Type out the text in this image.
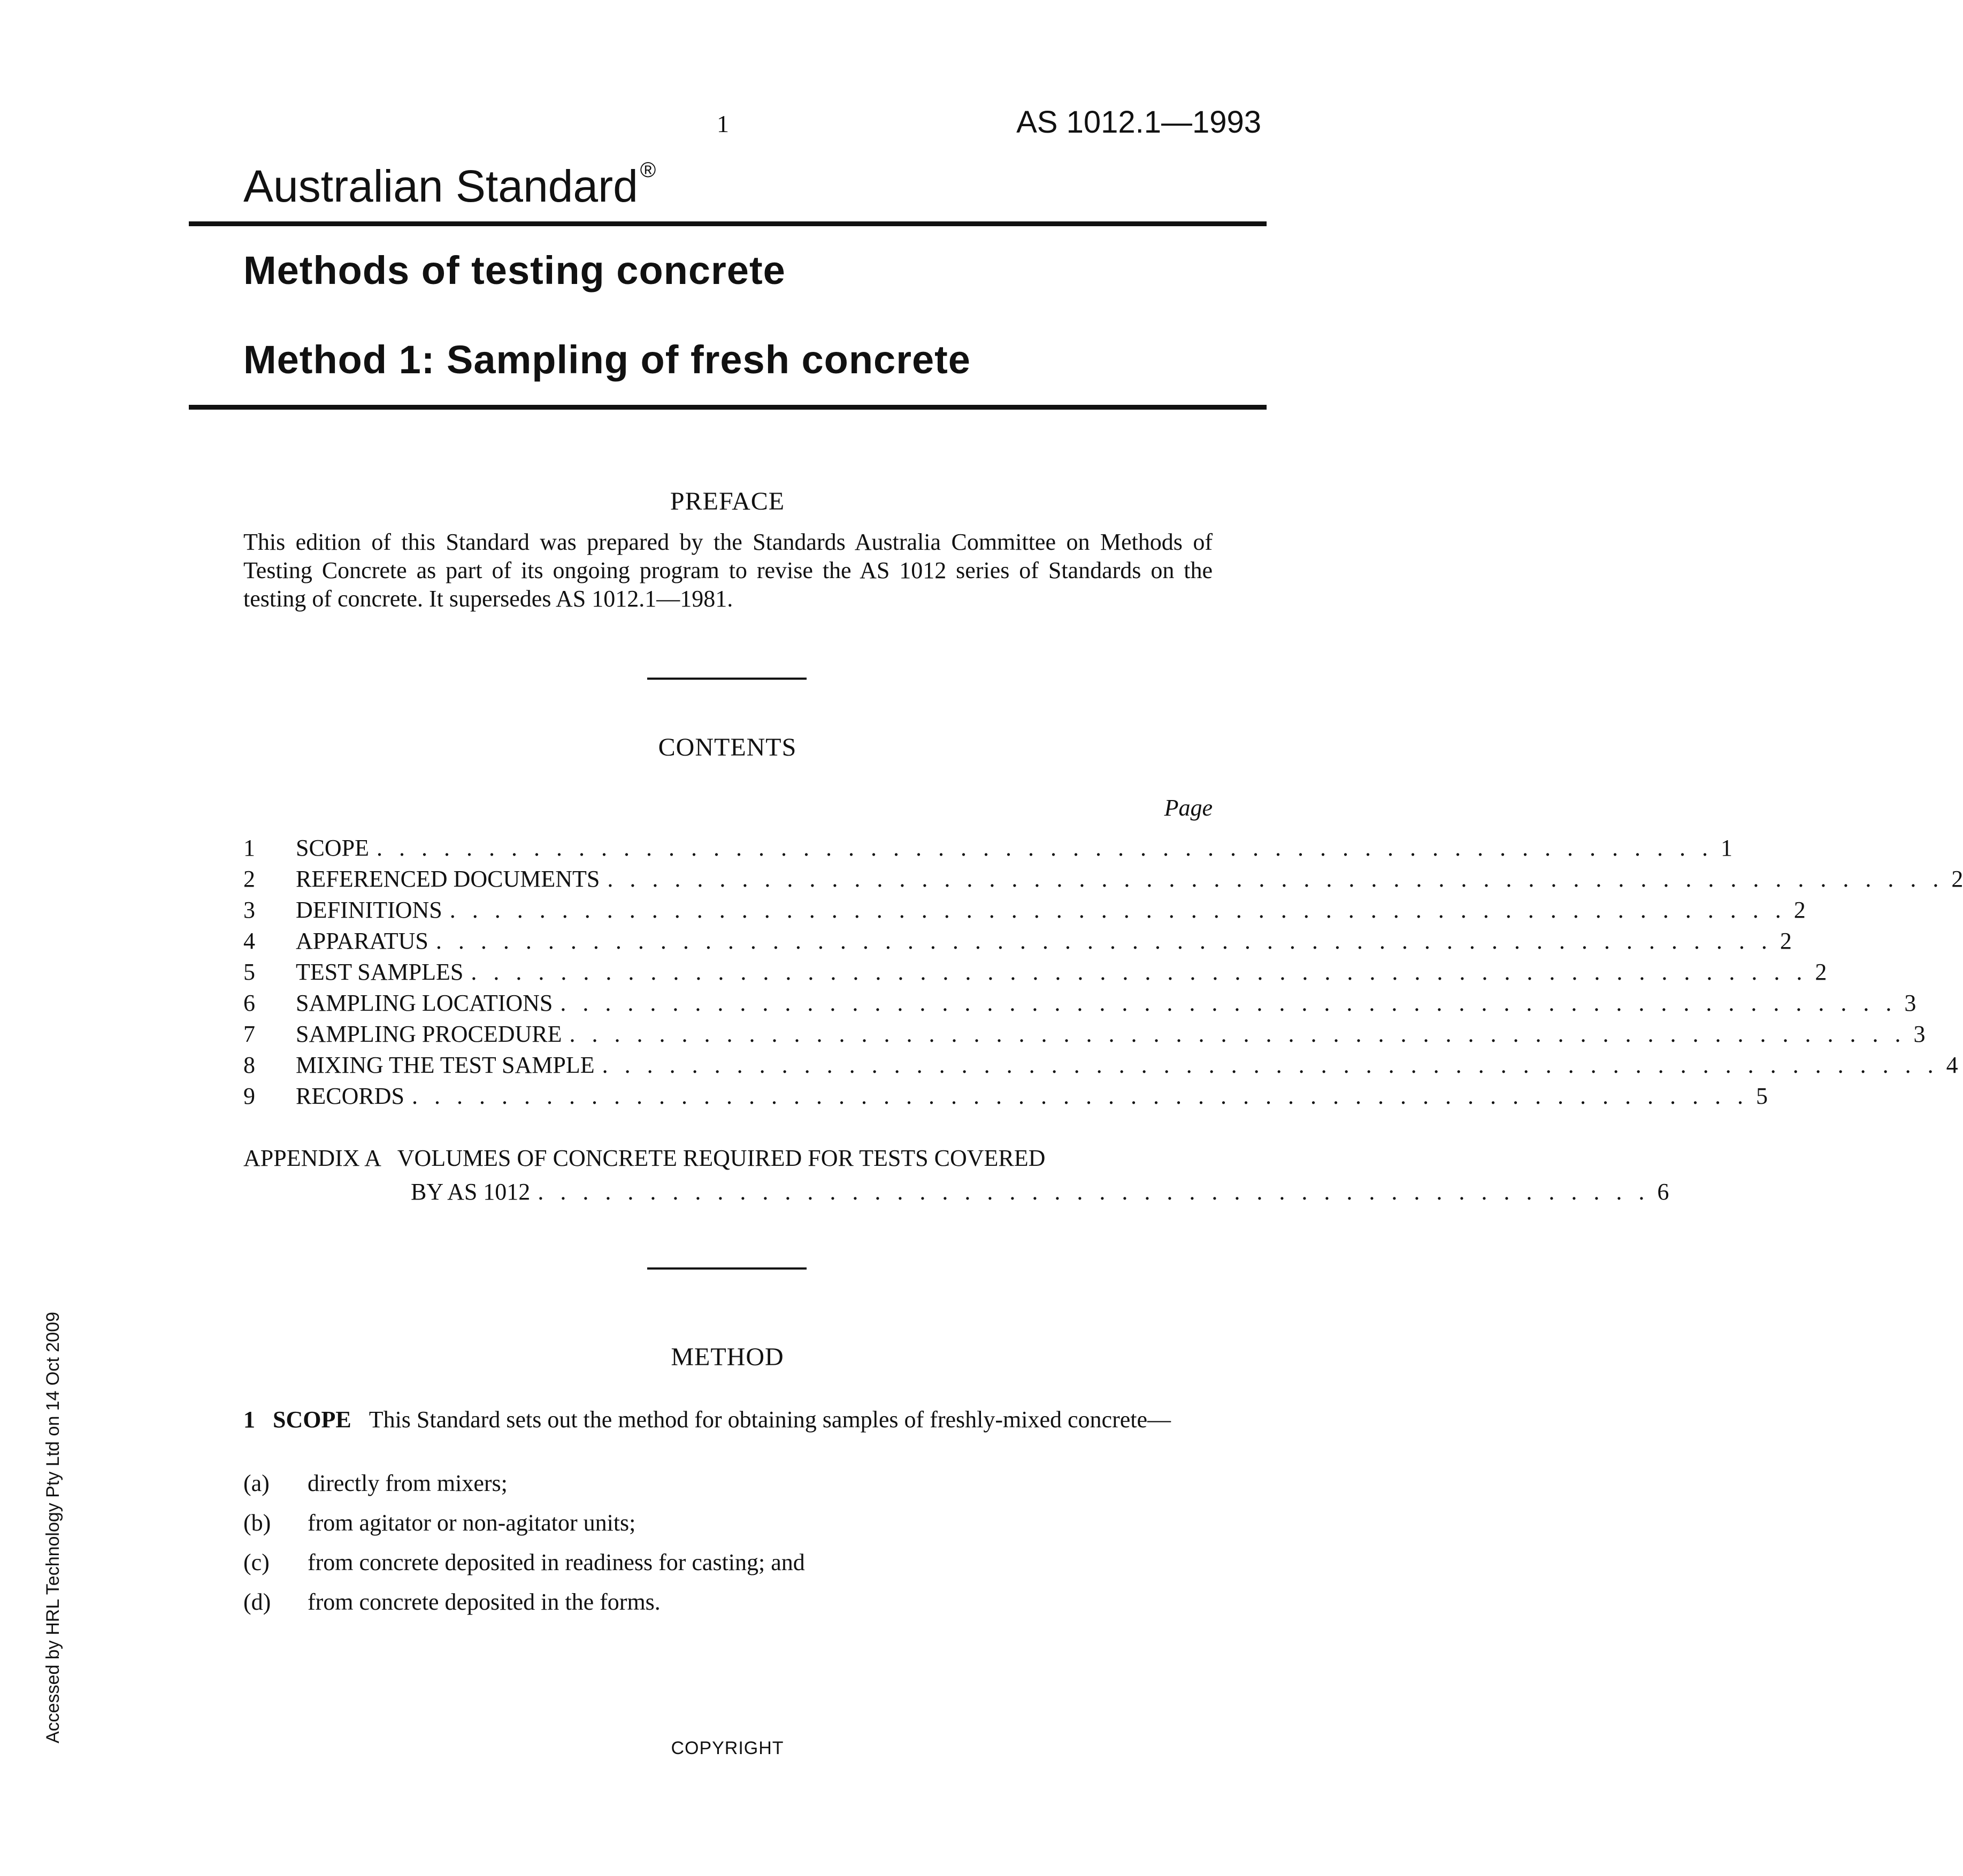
1	AS 1012.1—1993
Australian Standard ®
Methods of testing concrete
Method 1: Sampling of fresh concrete
PREFACE
This edition of this Standard was prepared by the Standards Australia Committee on Methods of Testing Concrete as part of its ongoing program to revise the AS 1012 series of Standards on the testing of concrete. It supersedes AS 1012.1—1981.
CONTENTS
Page
1	SCOPE . . . . . . . . . . . . . . . . . . . . . . . . . . . . . . . . . . . . . . . . . . . . . . . . . . . . . . . . . . . . 1
2	REFERENCED DOCUMENTS . . . . . . . . . . . . . . . . . . . . . . . . . . . . . . . . . . . . . . . . . . . . . . . . . . . . . . . . . . . . 2
3	DEFINITIONS . . . . . . . . . . . . . . . . . . . . . . . . . . . . . . . . . . . . . . . . . . . . . . . . . . . . . . . . . . . . 2
4	APPARATUS . . . . . . . . . . . . . . . . . . . . . . . . . . . . . . . . . . . . . . . . . . . . . . . . . . . . . . . . . . . . 2
5	TEST SAMPLES . . . . . . . . . . . . . . . . . . . . . . . . . . . . . . . . . . . . . . . . . . . . . . . . . . . . . . . . . . . . 2
6	SAMPLING LOCATIONS . . . . . . . . . . . . . . . . . . . . . . . . . . . . . . . . . . . . . . . . . . . . . . . . . . . . . . . . . . . . 3
7	SAMPLING PROCEDURE . . . . . . . . . . . . . . . . . . . . . . . . . . . . . . . . . . . . . . . . . . . . . . . . . . . . . . . . . . . . 3
8	MIXING THE TEST SAMPLE . . . . . . . . . . . . . . . . . . . . . . . . . . . . . . . . . . . . . . . . . . . . . . . . . . . . . . . . . . . . 4
9	RECORDS . . . . . . . . . . . . . . . . . . . . . . . . . . . . . . . . . . . . . . . . . . . . . . . . . . . . . . . . . . . . 5
APPENDIX A   VOLUMES OF CONCRETE REQUIRED FOR TESTS COVERED
BY AS 1012 . . . . . . . . . . . . . . . . . . . . . . . . . . . . . . . . . . . . . . . . . . . . . . . . . . 6
METHOD
1 SCOPE This Standard sets out the method for obtaining samples of freshly-mixed concrete—
(a) directly from mixers;
(b) from agitator or non-agitator units;
(c) from concrete deposited in readiness for casting; and
(d) from concrete deposited in the forms.
COPYRIGHT
Accessed by HRL Technology Pty Ltd on 14 Oct 2009
